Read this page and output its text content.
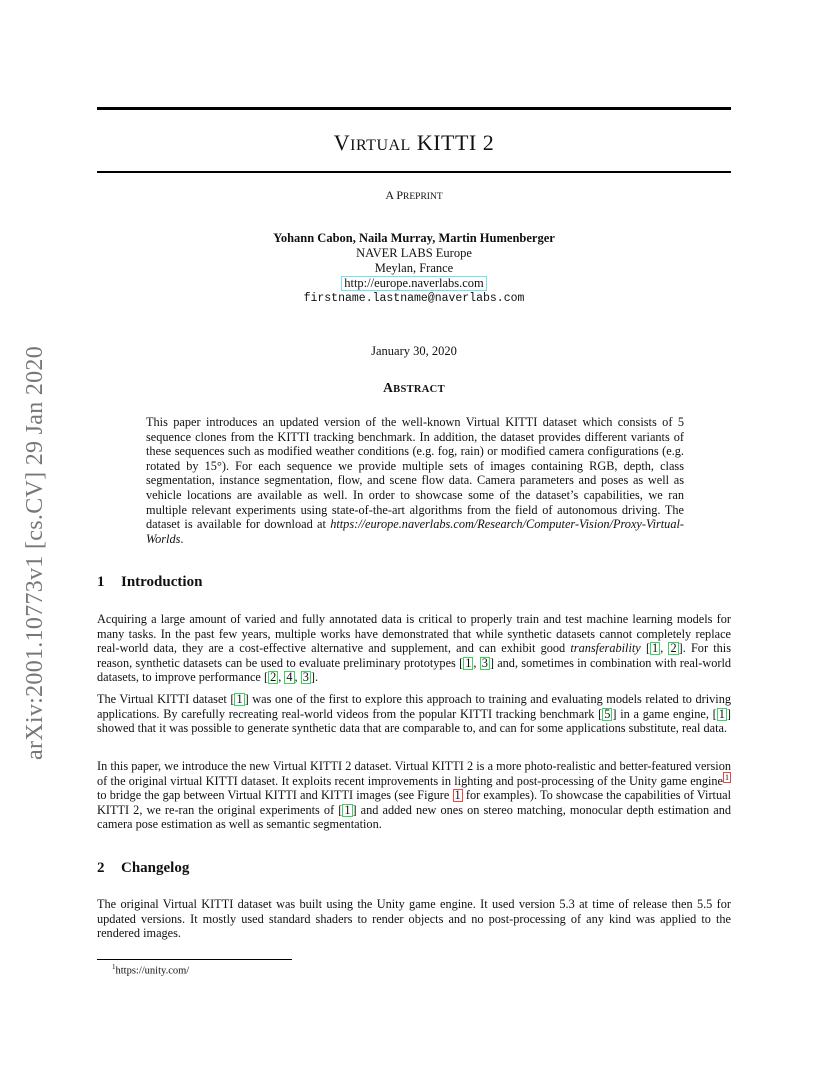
arXiv:2001.10773v1 [cs.CV] 29 Jan 2020
VIRTUAL KITTI 2
A PREPRINT
Yohann Cabon, Naila Murray, Martin Humenberger
NAVER LABS Europe
Meylan, France
http://europe.naverlabs.com
firstname.lastname@naverlabs.com
January 30, 2020
ABSTRACT
This paper introduces an updated version of the well-known Virtual KITTI dataset which consists of 5 sequence clones from the KITTI tracking benchmark. In addition, the dataset provides different variants of these sequences such as modified weather conditions (e.g. fog, rain) or modified camera configurations (e.g. rotated by 15°). For each sequence we provide multiple sets of images containing RGB, depth, class segmentation, instance segmentation, flow, and scene flow data. Camera parameters and poses as well as vehicle locations are available as well. In order to showcase some of the dataset’s capabilities, we ran multiple relevant experiments using state-of-the-art algorithms from the field of autonomous driving. The dataset is available for download at https://europe.naverlabs.com/Research/Computer-Vision/Proxy-Virtual-Worlds.
1 Introduction
Acquiring a large amount of varied and fully annotated data is critical to properly train and test machine learning models for many tasks. In the past few years, multiple works have demonstrated that while synthetic datasets cannot completely replace real-world data, they are a cost-effective alternative and supplement, and can exhibit good transferability [ 1 , 2 ]. For this reason, synthetic datasets can be used to evaluate preliminary prototypes [ 1 , 3 ] and, sometimes in combination with real-world datasets, to improve performance [ 2 , 4 , 3 ].
The Virtual KITTI dataset [ 1 ] was one of the first to explore this approach to training and evaluating models related to driving applications. By carefully recreating real-world videos from the popular KITTI tracking benchmark [ 5 ] in a game engine, [ 1 ] showed that it was possible to generate synthetic data that are comparable to, and can for some applications substitute, real data.
In this paper, we introduce the new Virtual KITTI 2 dataset. Virtual KITTI 2 is a more photo-realistic and better-featured version of the original virtual KITTI dataset. It exploits recent improvements in lighting and post-processing of the Unity game engine $^1$ to bridge the gap between Virtual KITTI and KITTI images (see Figure 1 for examples). To showcase the capabilities of Virtual KITTI 2, we re-ran the original experiments of [ 1 ] and added new ones on stereo matching, monocular depth estimation and camera pose estimation as well as semantic segmentation.
2 Changelog
The original Virtual KITTI dataset was built using the Unity game engine. It used version 5.3 at time of release then 5.5 for updated versions. It mostly used standard shaders to render objects and no post-processing of any kind was applied to the rendered images.
$^1$https://unity.com/
